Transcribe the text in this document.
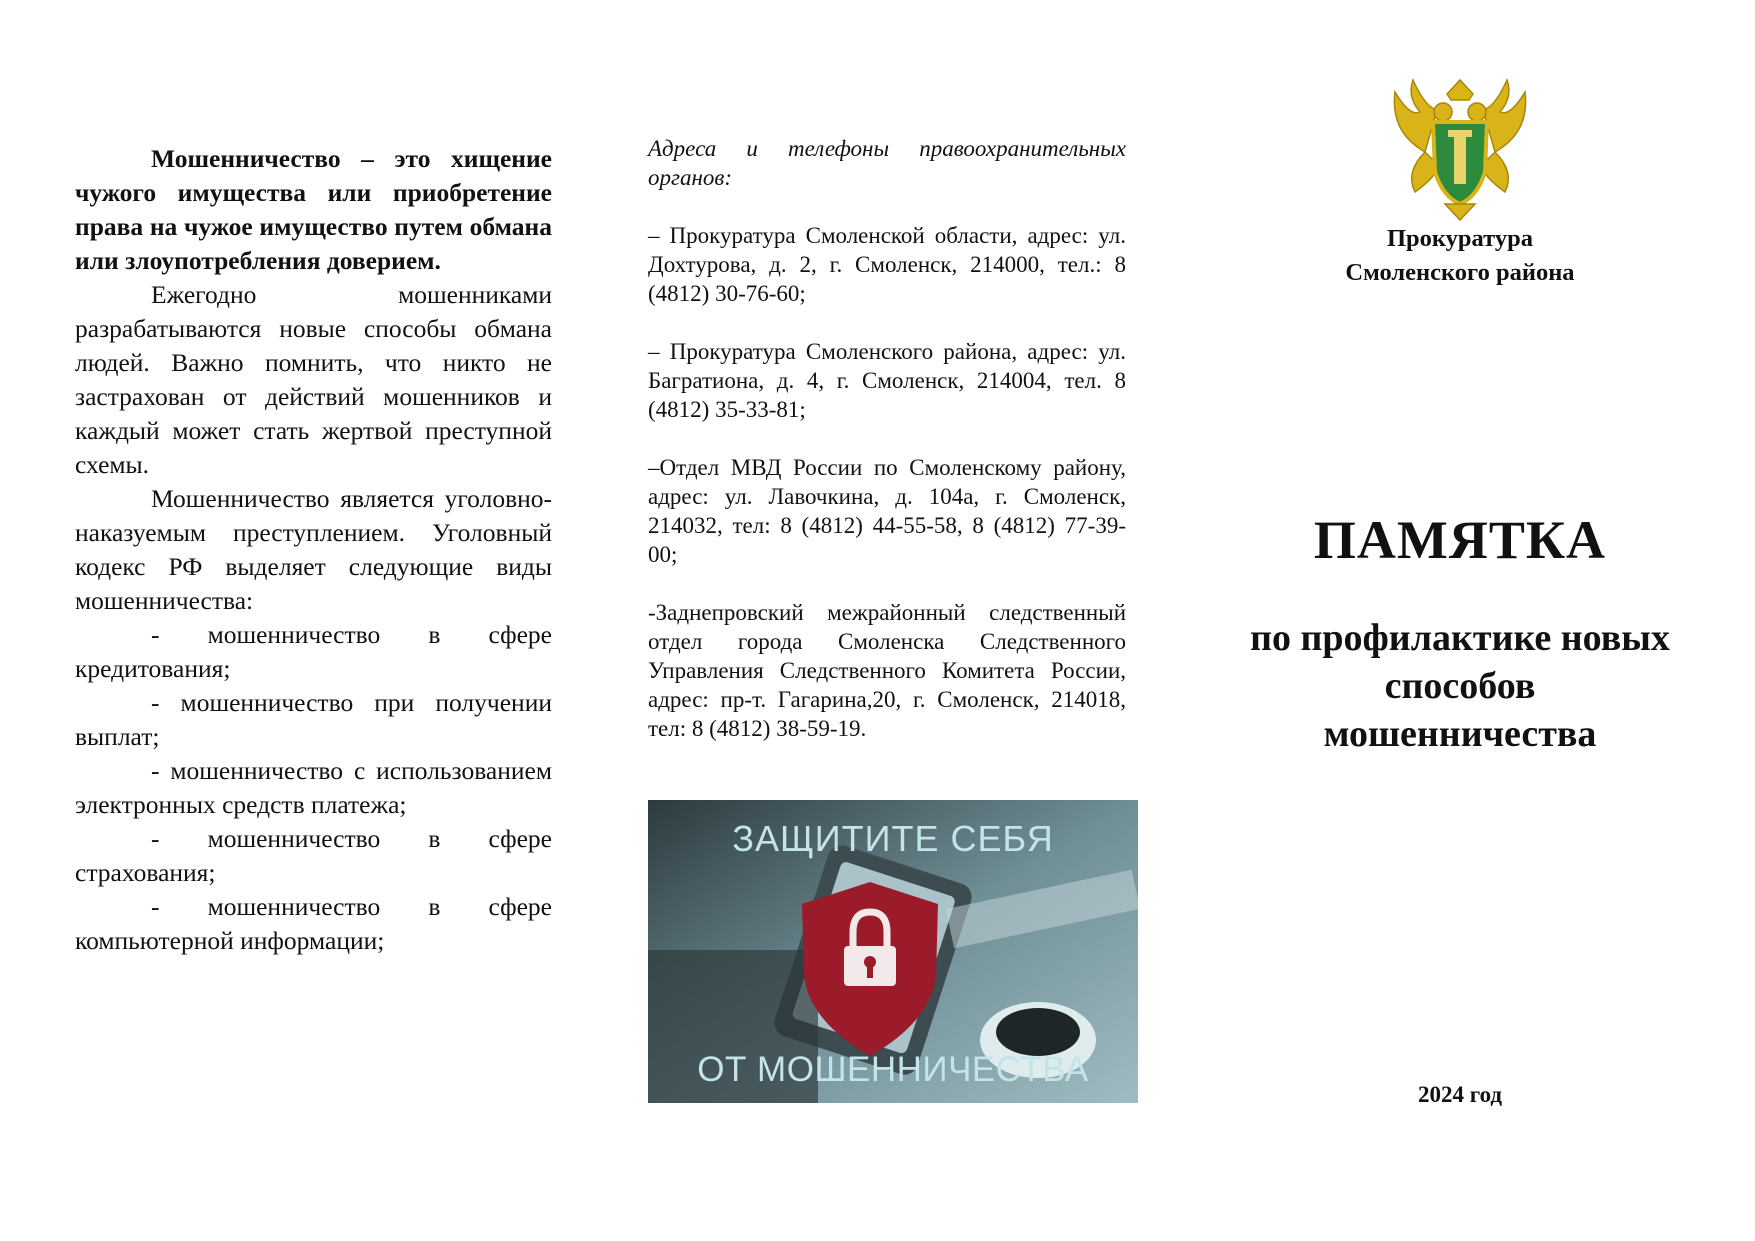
Мошенничество – это хищение чужого имущества или приобретение права на чужое имущество путем обмана или злоупотребления доверием.

Ежегодно мошенниками разрабатываются новые способы обмана людей. Важно помнить, что никто не застрахован от действий мошенников и каждый может стать жертвой преступной схемы.

Мошенничество является уголовно-наказуемым преступлением. Уголовный кодекс РФ выделяет следующие виды мошенничества:

- мошенничество в сфере кредитования;

- мошенничество при получении выплат;

- мошенничество с использованием электронных средств платежа;

- мошенничество в сфере страхования;

- мошенничество в сфере компьютерной информации;

Адреса и телефоны правоохранительных органов:

– Прокуратура Смоленской области, адрес: ул. Дохтурова, д. 2, г. Смоленск, 214000, тел.: 8 (4812) 30-76-60;

– Прокуратура Смоленского района, адрес: ул. Багратиона, д. 4, г. Смоленск, 214004, тел. 8 (4812) 35-33-81;

–Отдел МВД России по Смоленскому району, адрес: ул. Лавочкина, д. 104а, г. Смоленск, 214032, тел: 8 (4812) 44-55-58, 8 (4812) 77-39-00;

-Заднепровский межрайонный следственный отдел города Смоленска Следственного Управления Следственного Комитета России, адрес: пр-т. Гагарина,20, г. Смоленск, 214018, тел: 8 (4812) 38-59-19.

ЗАЩИТИТЕ СЕБЯ
ОТ МОШЕННИЧЕСТВА
Прокуратура
Смоленского района
ПАМЯТКА
по профилактике новых
способов
мошенничества
2024 год
